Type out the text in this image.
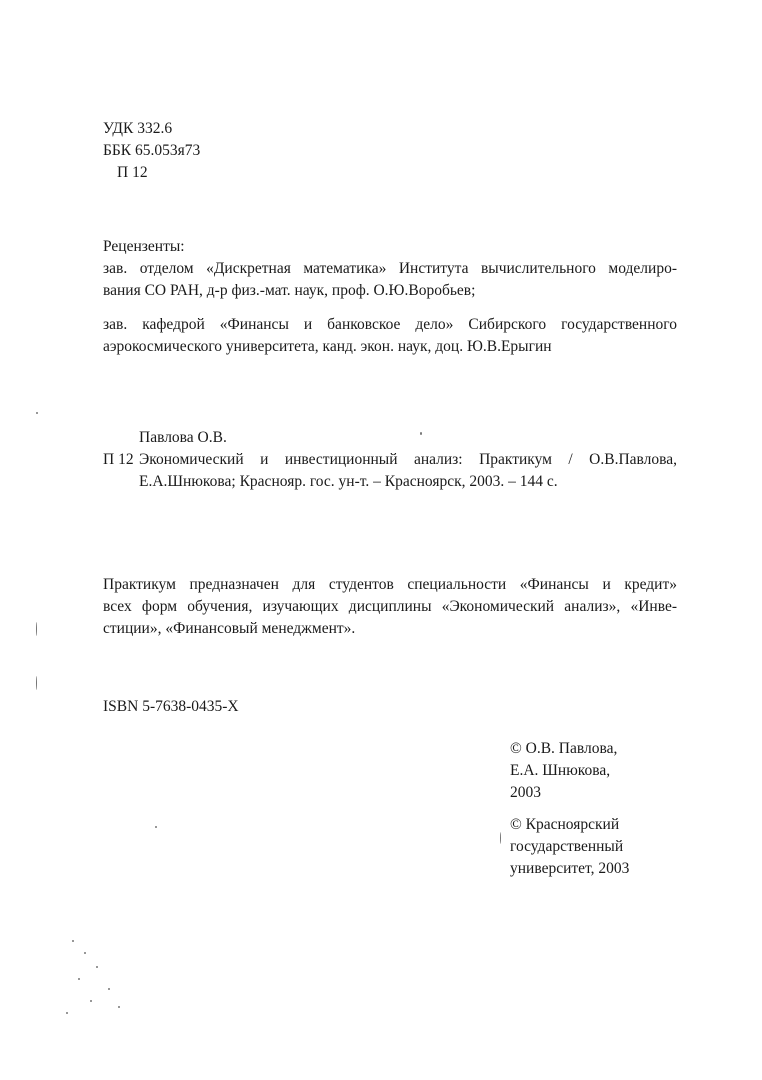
УДК 332.6
ББК 65.053я73
П 12
Рецензенты:
зав. отделом «Дискретная математика» Института вычислительного моделиро-
вания СО РАН, д-р физ.-мат. наук, проф. О.Ю.Воробьев;
зав. кафедрой «Финансы и банковское дело» Сибирского государственного
аэрокосмического университета, канд. экон. наук, доц. Ю.В.Ерыгин
Павлова О.В.
П 12 Экономический и инвестиционный анализ: Практикум / О.В.Павлова,
Е.А.Шнюкова; Краснояр. гос. ун-т. – Красноярск, 2003. – 144 с.
Практикум предназначен для студентов специальности «Финансы и кредит»
всех форм обучения, изучающих дисциплины «Экономический анализ», «Инве-
стиции», «Финансовый менеджмент».
ISBN 5-7638-0435-X
© О.В. Павлова,
Е.А. Шнюкова,
2003
© Красноярский
государственный
университет, 2003
